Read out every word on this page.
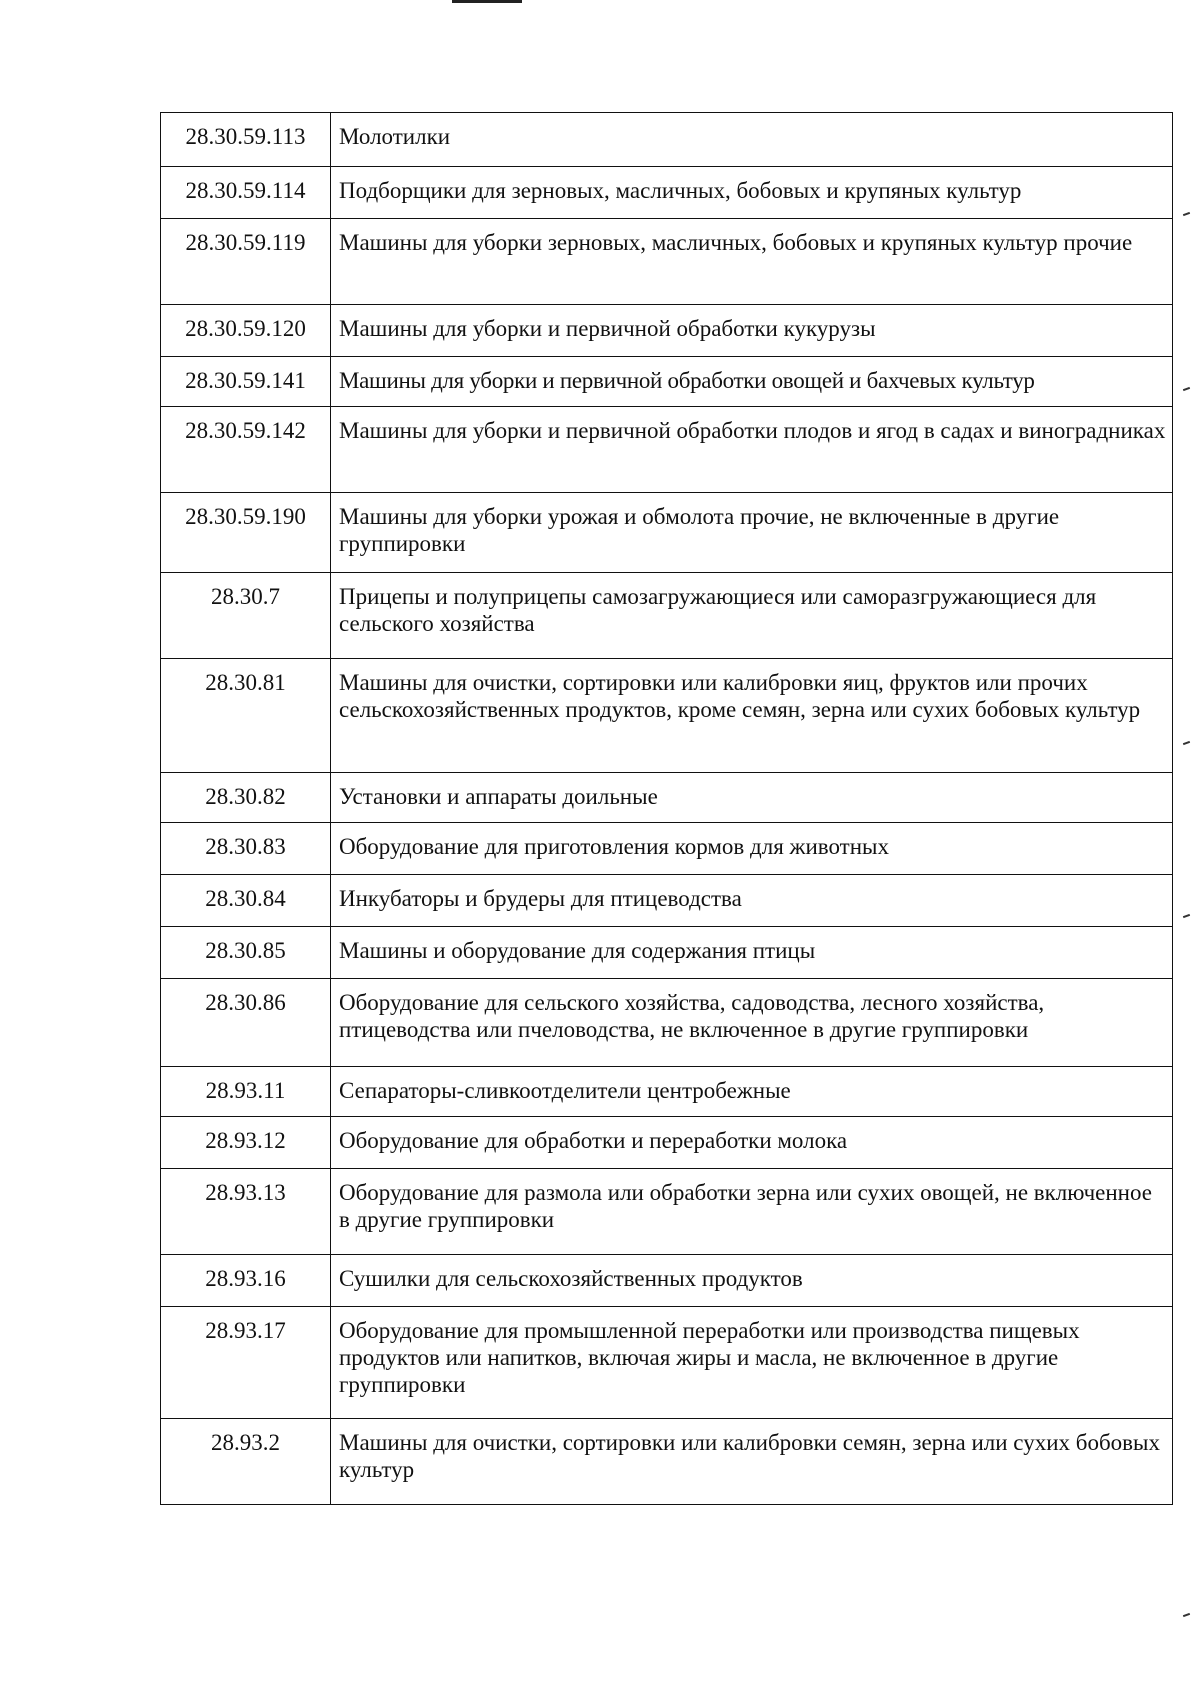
28.30.59.113	Молотилки
28.30.59.114	Подборщики для зерновых, масличных, бобовых и крупяных культур
28.30.59.119	Машины для уборки зерновых, масличных, бобовых и крупяных культур прочие
28.30.59.120	Машины для уборки и первичной обработки кукурузы
28.30.59.141	Машины для уборки и первичной обработки овощей и бахчевых культур
28.30.59.142	Машины для уборки и первичной обработки плодов и ягод в садах и виноградниках
28.30.59.190	Машины для уборки урожая и обмолота прочие, не включенные в другие группировки
28.30.7	Прицепы и полуприцепы самозагружающиеся или саморазгружающиеся для сельского хозяйства
28.30.81	Машины для очистки, сортировки или калибровки яиц, фруктов или прочих сельскохозяйственных продуктов, кроме семян, зерна или сухих бобовых культур
28.30.82	Установки и аппараты доильные
28.30.83	Оборудование для приготовления кормов для животных
28.30.84	Инкубаторы и брудеры для птицеводства
28.30.85	Машины и оборудование для содержания птицы
28.30.86	Оборудование для сельского хозяйства, садоводства, лесного хозяйства, птицеводства или пчеловодства, не включенное в другие группировки
28.93.11	Сепараторы-сливкоотделители центробежные
28.93.12	Оборудование для обработки и переработки молока
28.93.13	Оборудование для размола или обработки зерна или сухих овощей, не включенное в другие группировки
28.93.16	Сушилки для сельскохозяйственных продуктов
28.93.17	Оборудование для промышленной переработки или производства пищевых продуктов или напитков, включая жиры и масла, не включенное в другие группировки
28.93.2	Машины для очистки, сортировки или калибровки семян, зерна или сухих бобовых культур
